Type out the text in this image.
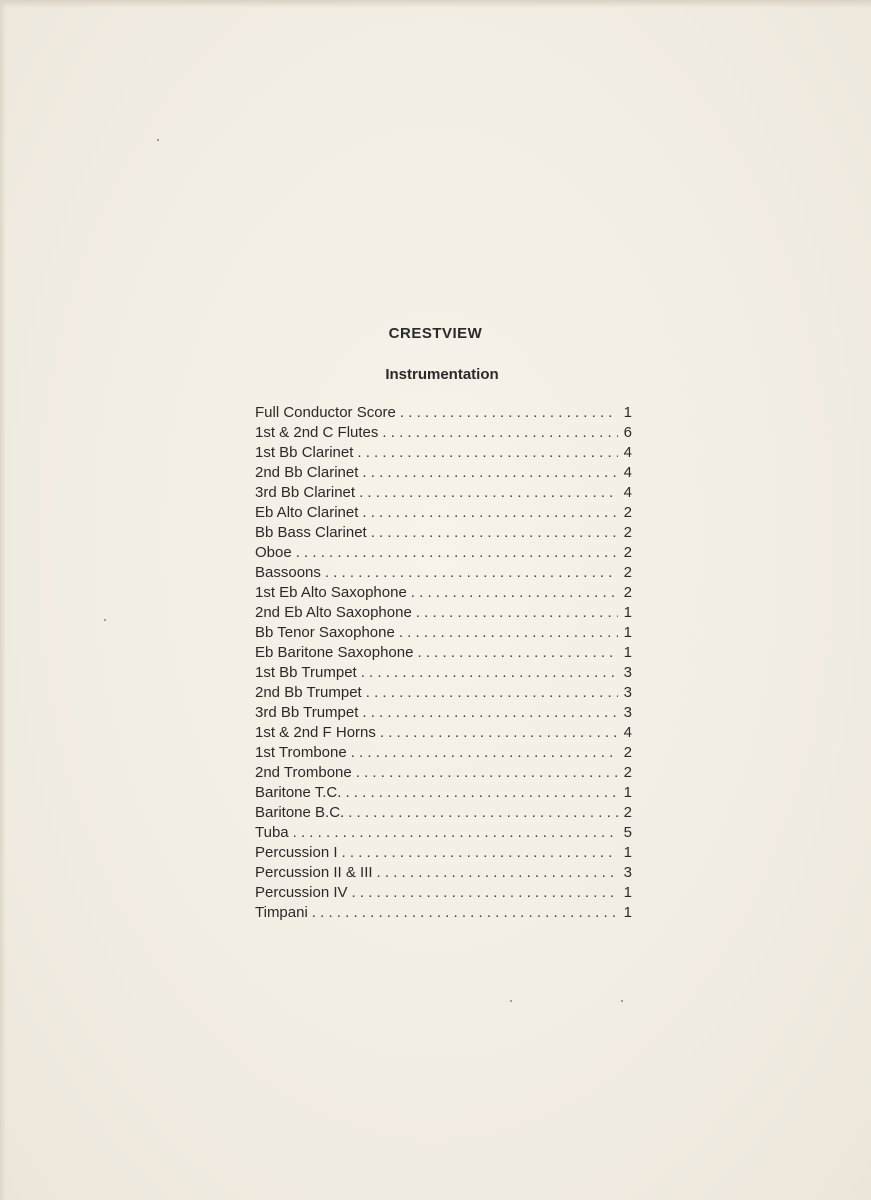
CRESTVIEW
Instrumentation
Full Conductor Score . . .	1
1st & 2nd C Flutes . . .	6
1st Bb Clarinet . . .	4
2nd Bb Clarinet . . .	4
3rd Bb Clarinet . . .	4
Eb Alto Clarinet . . .	2
Bb Bass Clarinet . . .	2
Oboe . . .	2
Bassoons . . .	2
1st Eb Alto Saxophone . . .	2
2nd Eb Alto Saxophone . . .	1
Bb Tenor Saxophone . . .	1
Eb Baritone Saxophone . . .	1
1st Bb Trumpet . . .	3
2nd Bb Trumpet . . .	3
3rd Bb Trumpet . . .	3
1st & 2nd F Horns . . .	4
1st Trombone . . .	2
2nd Trombone . . .	2
Baritone T.C. . . .	1
Baritone B.C. . . .	2
Tuba . . .	5
Percussion I . . .	1
Percussion II & III . . .	3
Percussion IV . . .	1
Timpani . . .	1
